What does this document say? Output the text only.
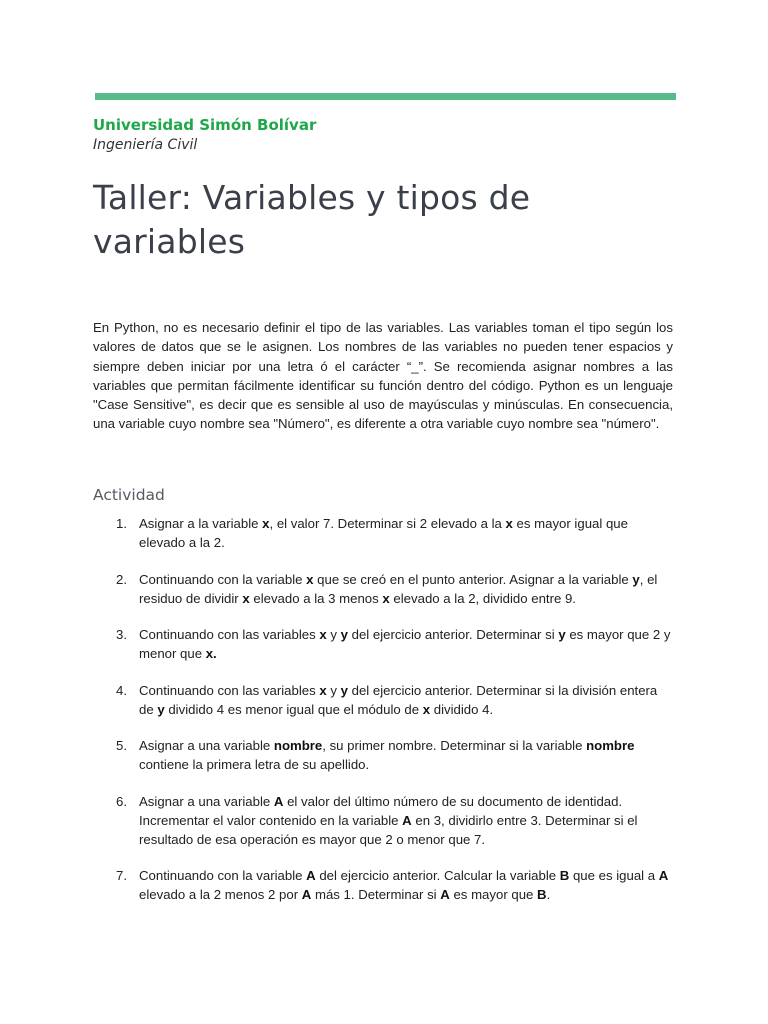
Universidad Simón Bolívar

Ingeniería Civil

Taller: Variables y tipos de variables

En Python, no es necesario definir el tipo de las variables. Las variables toman el tipo según los valores de datos que se le asignen. Los nombres de las variables no pueden tener espacios y siempre deben iniciar por una letra ó el carácter “_”. Se recomienda asignar nombres a las variables que permitan fácilmente identificar su función dentro del código. Python es un lenguaje "Case Sensitive", es decir que es sensible al uso de mayúsculas y minúsculas. En consecuencia, una variable cuyo nombre sea "Número", es diferente a otra variable cuyo nombre sea "número".

Actividad
1. Asignar a la variable x, el valor 7. Determinar si 2 elevado a la x es mayor igual que elevado a la 2.
2. Continuando con la variable x que se creó en el punto anterior. Asignar a la variable y, el residuo de dividir x elevado a la 3 menos x elevado a la 2, dividido entre 9.
3. Continuando con las variables x y y del ejercicio anterior. Determinar si y es mayor que 2 y menor que x.
4. Continuando con las variables x y y del ejercicio anterior. Determinar si la división entera de y dividido 4 es menor igual que el módulo de x dividido 4.
5. Asignar a una variable nombre, su primer nombre. Determinar si la variable nombre contiene la primera letra de su apellido.
6. Asignar a una variable A el valor del último número de su documento de identidad. Incrementar el valor contenido en la variable A en 3, dividirlo entre 3. Determinar si el resultado de esa operación es mayor que 2 o menor que 7.
7. Continuando con la variable A del ejercicio anterior. Calcular la variable B que es igual a A elevado a la 2 menos 2 por A más 1. Determinar si A es mayor que B.
